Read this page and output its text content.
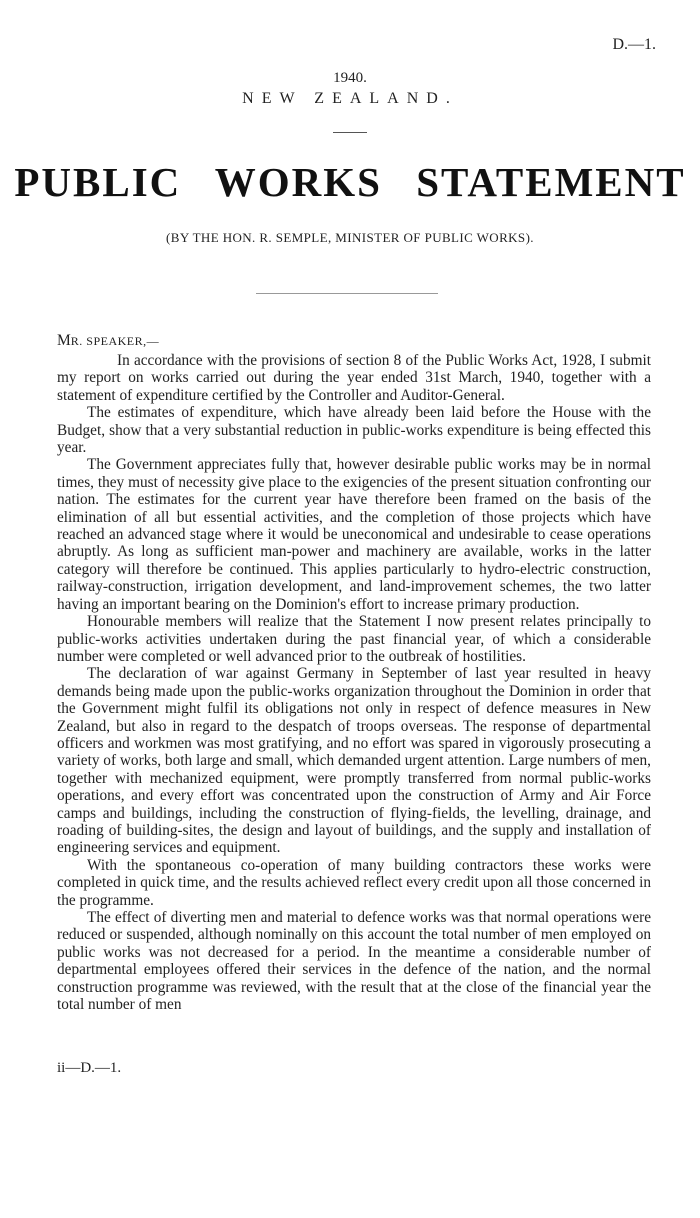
D.—1.
1940.
NEW ZEALAND.
PUBLIC WORKS STATEMENT
(BY THE HON. R. SEMPLE, MINISTER OF PUBLIC WORKS).
MR. SPEAKER,—

In accordance with the provisions of section 8 of the Public Works Act, 1928, I submit my report on works carried out during the year ended 31st March, 1940, together with a statement of expenditure certified by the Controller and Auditor-General.

The estimates of expenditure, which have already been laid before the House with the Budget, show that a very substantial reduction in public-works expenditure is being effected this year.

The Government appreciates fully that, however desirable public works may be in normal times, they must of necessity give place to the exigencies of the present situation confronting our nation. The estimates for the current year have therefore been framed on the basis of the elimination of all but essential activities, and the completion of those projects which have reached an advanced stage where it would be uneconomical and undesirable to cease operations abruptly. As long as sufficient man-power and machinery are available, works in the latter category will therefore be continued. This applies particularly to hydro-electric construction, railway-construction, irrigation development, and land-improvement schemes, the two latter having an important bearing on the Dominion's effort to increase primary production.

Honourable members will realize that the Statement I now present relates principally to public-works activities undertaken during the past financial year, of which a considerable number were completed or well advanced prior to the outbreak of hostilities.

The declaration of war against Germany in September of last year resulted in heavy demands being made upon the public-works organization throughout the Dominion in order that the Government might fulfil its obligations not only in respect of defence measures in New Zealand, but also in regard to the despatch of troops overseas. The response of departmental officers and workmen was most gratifying, and no effort was spared in vigorously prosecuting a variety of works, both large and small, which demanded urgent attention. Large numbers of men, together with mechanized equipment, were promptly transferred from normal public-works operations, and every effort was concentrated upon the construction of Army and Air Force camps and buildings, including the construction of flying-fields, the levelling, drainage, and roading of building-sites, the design and layout of buildings, and the supply and installation of engineering services and equipment.

With the spontaneous co-operation of many building contractors these works were completed in quick time, and the results achieved reflect every credit upon all those concerned in the programme.

The effect of diverting men and material to defence works was that normal operations were reduced or suspended, although nominally on this account the total number of men employed on public works was not decreased for a period. In the meantime a considerable number of departmental employees offered their services in the defence of the nation, and the normal construction programme was reviewed, with the result that at the close of the financial year the total number of men

ii—D.—1.
